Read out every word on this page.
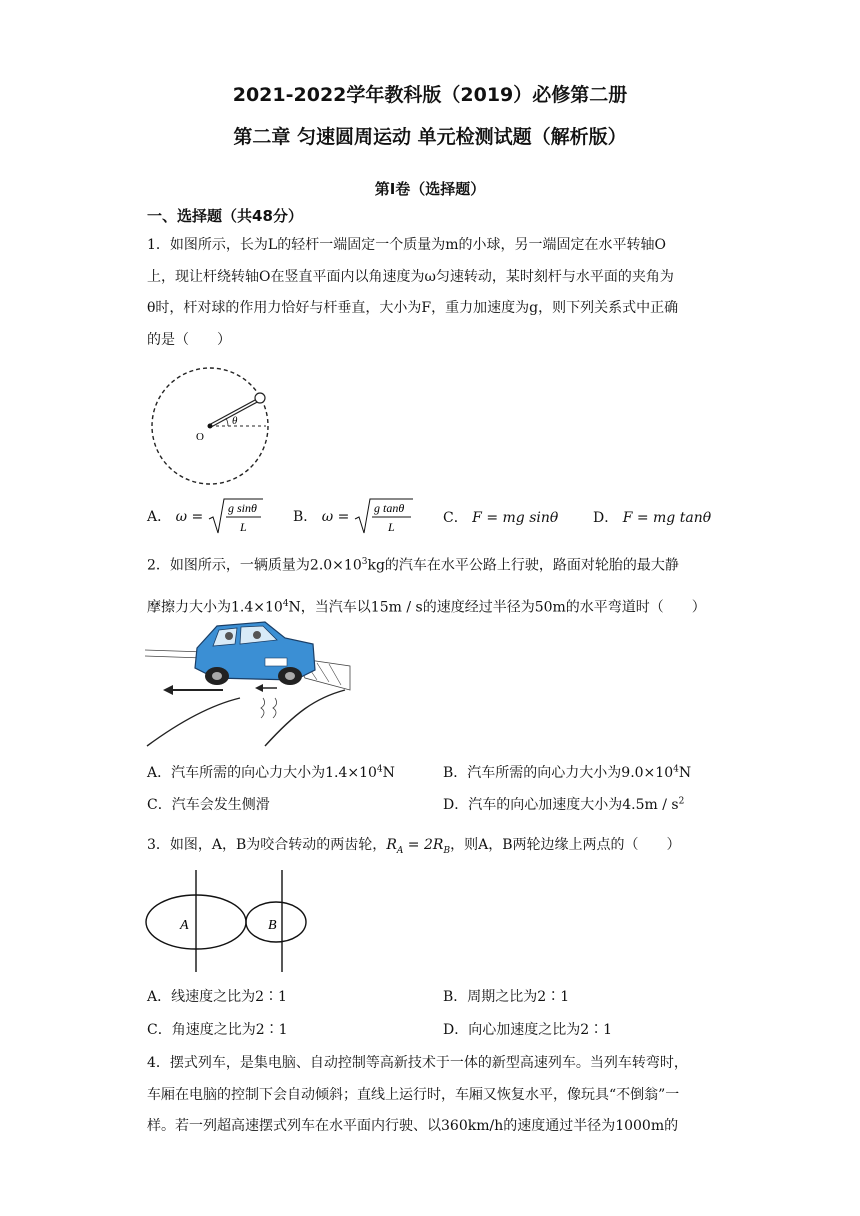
2021-2022学年教科版（2019）必修第二册
第二章 匀速圆周运动 单元检测试题（解析版）
第Ⅰ卷（选择题）
一、选择题（共48分）
1．如图所示，长为L的轻杆一端固定一个质量为m的小球，另一端固定在水平转轴O
上，现让杆绕转轴O在竖直平面内以角速度为ω匀速转动，某时刻杆与水平面的夹角为
θ时，杆对球的作用力恰好与杆垂直，大小为F，重力加速度为g，则下列关系式中正确
的是（　　）
O
θ
A． ω =
g sinθ
L
B． ω =
g tanθ
L
C． F = mg sinθ D． F = mg tanθ
2．如图所示，一辆质量为$2.0\times 10^3kg$的汽车在水平公路上行驶，路面对轮胎的最大静
摩擦力大小为$1.4\times 10^4N$，当汽车以15m / s的速度经过半径为50m的水平弯道时（　　）
A．汽车所需的向心力大小为$1.4\times 10^4N$	B．汽车所需的向心力大小为$9.0\times 10^4N$
C．汽车会发生侧滑	D．汽车的向心加速度大小为$4.5m / s^2$
3．如图，A，B为咬合转动的两齿轮，$R_A = 2R_B$，则A，B两轮边缘上两点的（　　）
A	B
A．线速度之比为2∶1	B．周期之比为2∶1
C．角速度之比为2∶1	D．向心加速度之比为2∶1
4．摆式列车，是集电脑、自动控制等高新技术于一体的新型高速列车。当列车转弯时，
车厢在电脑的控制下会自动倾斜；直线上运行时，车厢又恢复水平，像玩具“不倒翁”一
样。若一列超高速摆式列车在水平面内行驶、以360km/h的速度通过半径为1000m的
